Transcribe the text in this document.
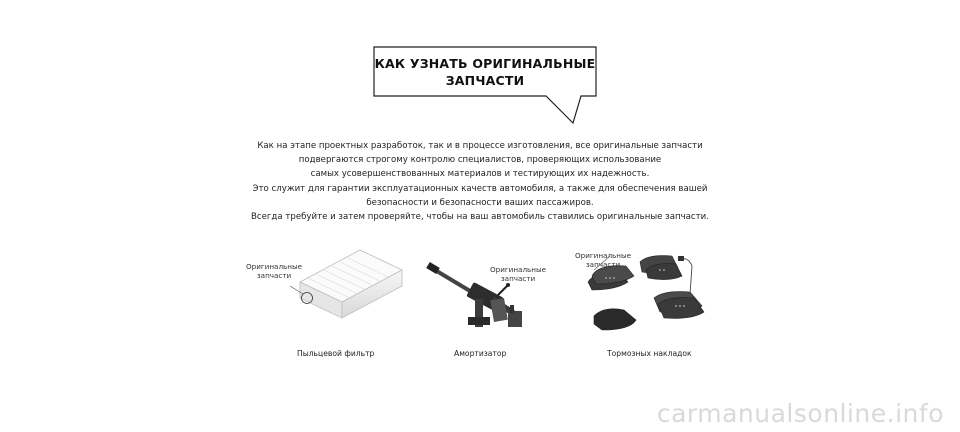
КАК УЗНАТЬ ОРИГИНАЛЬНЫЕ
ЗАПЧАСТИ
Как на этапе проектных разработок, так и в процессе изготовления, все оригинальные запчасти
подвергаются строгому контролю специалистов, проверяющих использование
самых усовершенствованных материалов и тестирующих их надежность.
Это служит для гарантии эксплуатационных качеств автомобиля, а также для обеспечения вашей
безопасности и безопасности ваших пассажиров.
Всегда требуйте и затем проверяйте, чтобы на ваш автомобиль ставились оригинальные запчасти.
Оригинальные
запчасти
Пыльцевой фильтр
Оригинальные
запчасти
Амортизатор
Оригинальные
запчасти
Тормозных накладок
carmanualsonline.info
